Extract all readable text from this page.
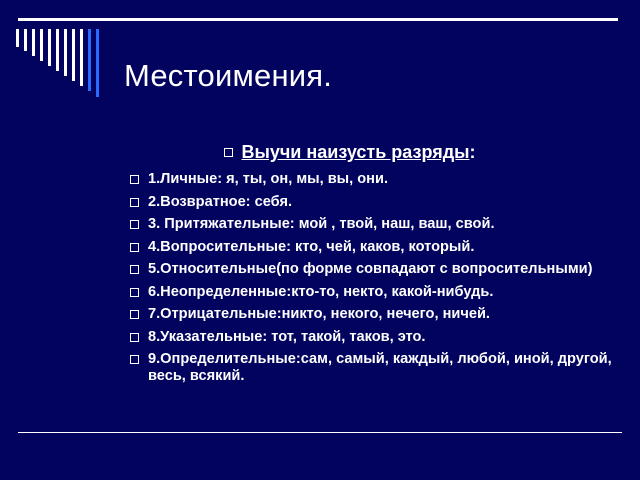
Местоимения.
Выучи наизусть разряды :
1.Личные: я, ты, он, мы, вы, они.
2.Возвратное: себя.
3. Притяжательные: мой , твой, наш, ваш, свой.
4.Вопросительные: кто, чей, каков, который.
5.Относительные(по форме совпадают с вопросительными)
6.Неопределенные:кто-то, некто, какой-нибудь.
7.Отрицательные:никто, некого, нечего, ничей.
8.Указательные: тот, такой, таков, это.
9.Определительные:сам, самый, каждый, любой, иной, другой, весь, всякий.
